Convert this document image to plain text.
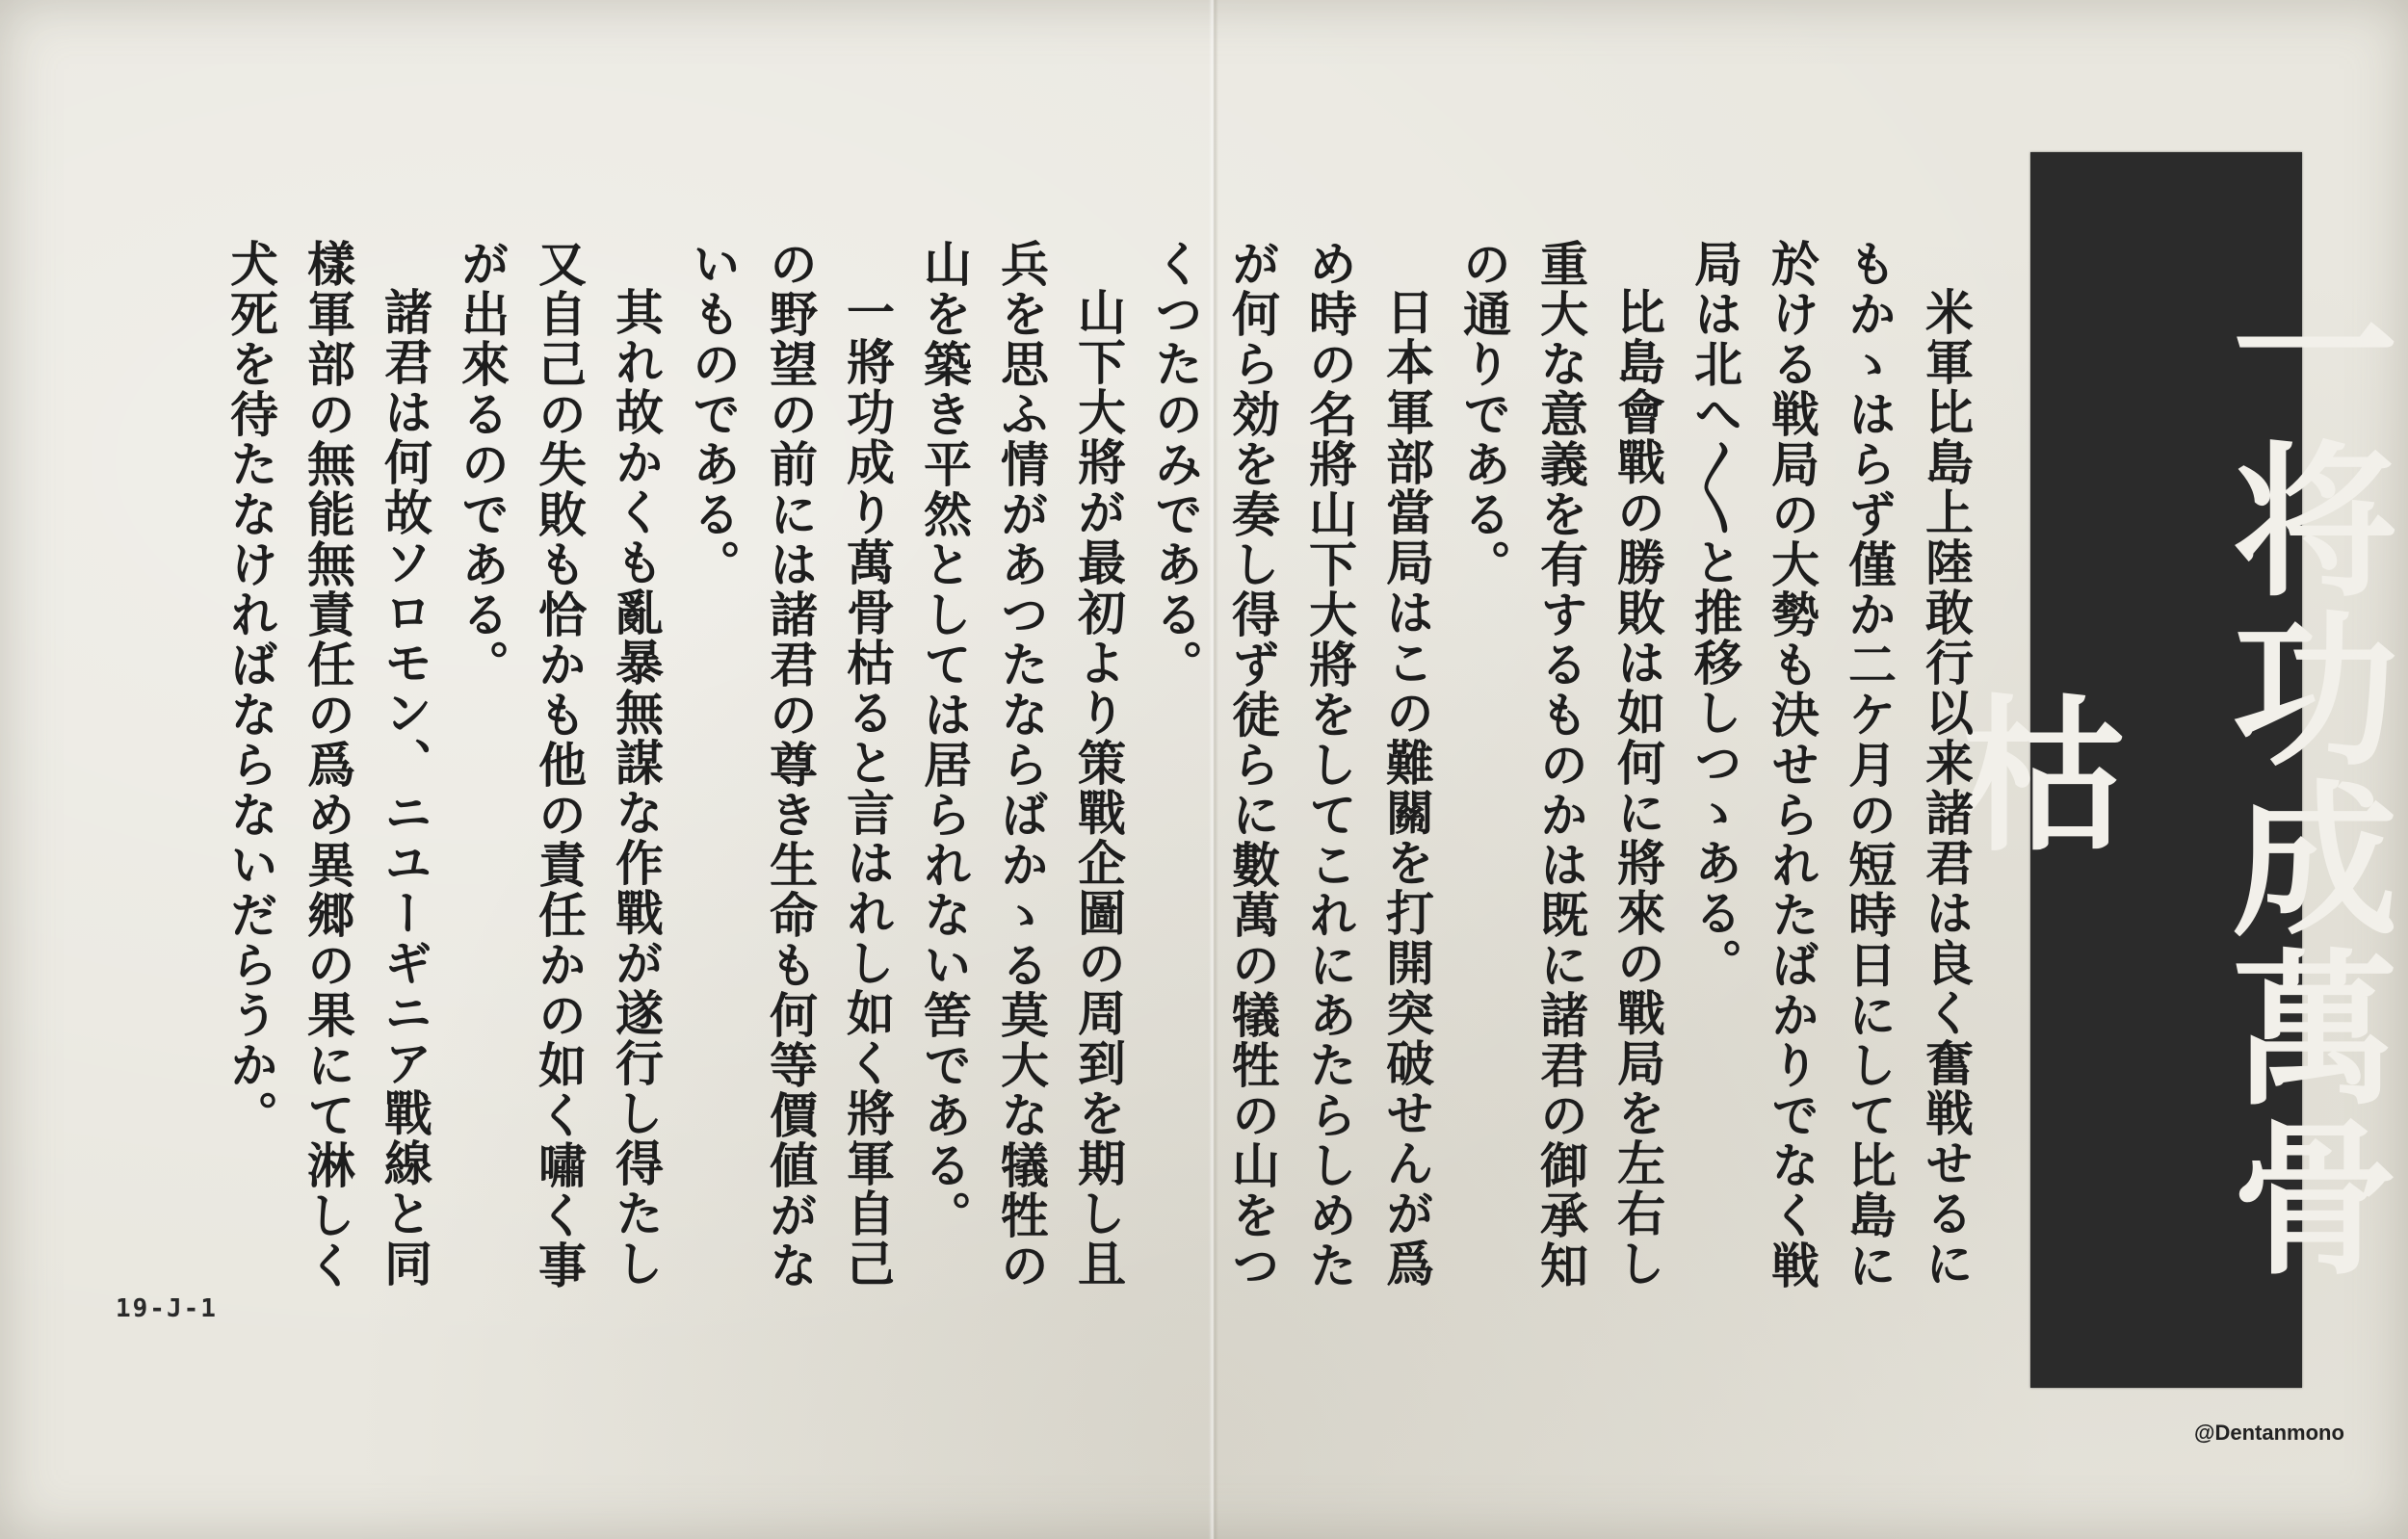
一将功成萬骨枯

米軍比島上陸敢行以来諸君は良く奮戦せるにもかゝはらず僅か二ケ月の短時日にして比島に於ける戦局の大勢も決せられたばかりでなく戦局は北へ〳〵と推移しつゝある。

比島會戰の勝敗は如何に將來の戰局を左右し重大な意義を有するものかは既に諸君の御承知の通りである。

日本軍部當局はこの難關を打開突破せんが爲め時の名將山下大將をしてこれにあたらしめたが何ら効を奏し得ず徒らに數萬の犠牲の山をつくつたのみである。

山下大將が最初より策戰企圖の周到を期し且兵を思ふ情があつたならばかゝる莫大な犠牲の山を築き平然としては居られない筈である。

一將功成り萬骨枯ると言はれし如く將軍自己の野望の前には諸君の尊き生命も何等價値がないものである。

其れ故かくも亂暴無謀な作戰が遂行し得たし又自己の失敗も恰かも他の責任かの如く嘯く事が出來るのである。

諸君は何故ソロモン、ニユーギニア戰線と同樣軍部の無能無責任の爲め異郷の果にて淋しく犬死を待たなければならないだらうか。

19-J-1
@Dentanmono
